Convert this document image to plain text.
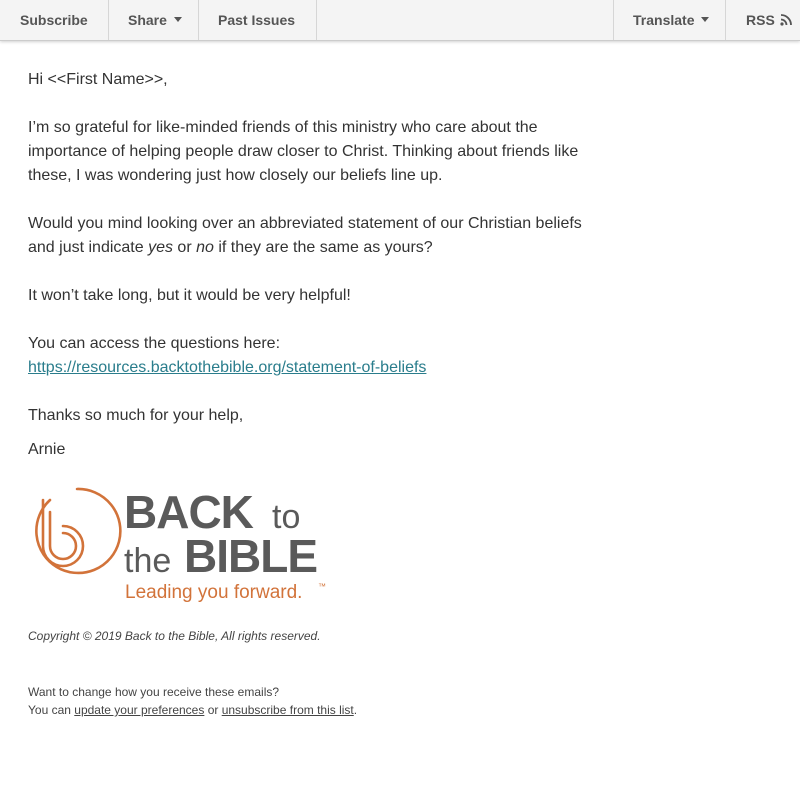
Subscribe	Share	Past Issues	Translate	RSS

Hi <<First Name>>,

I’m so grateful for like-minded friends of this ministry who care about the importance of helping people draw closer to Christ. Thinking about friends like these, I was wondering just how closely our beliefs line up.

Would you mind looking over an abbreviated statement of our Christian beliefs and just indicate yes or no if they are the same as yours?

It won’t take long, but it would be very helpful!

You can access the questions here:
https://resources.backtothebible.org/statement-of-beliefs

Thanks so much for your help,

Arnie

BACK to
the BIBLE
Leading you forward. ™
Copyright © 2019 Back to the Bible, All rights reserved.
Want to change how you receive these emails?
You can update your preferences or unsubscribe from this list.
